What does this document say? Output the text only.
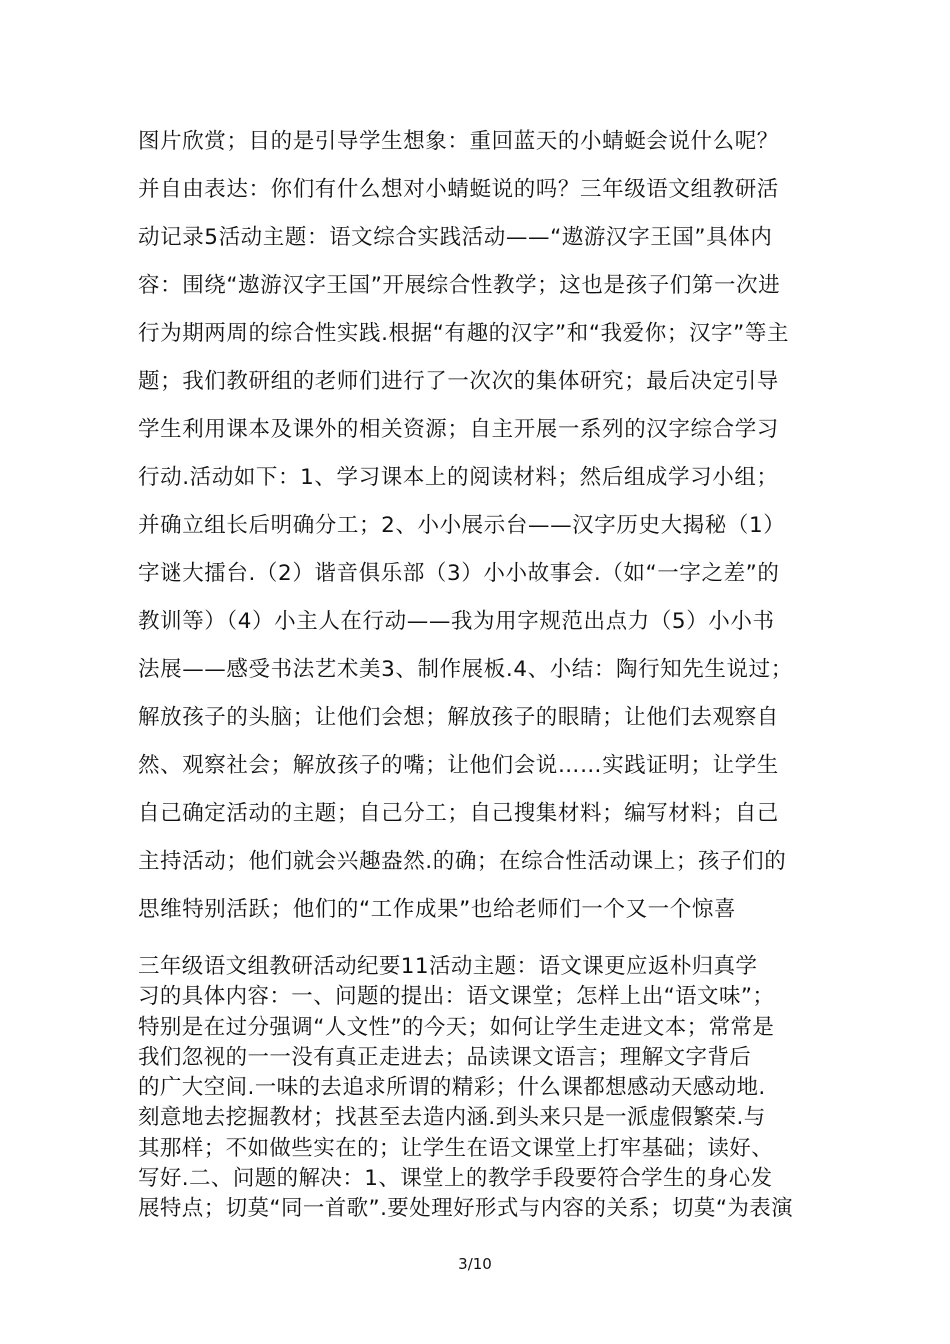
图片欣赏；目的是引导学生想象：重回蓝天的小蜻蜓会说什么呢？
并自由表达：你们有什么想对小蜻蜓说的吗？三年级语文组教研活
动记录5活动主题：语文综合实践活动——“遨游汉字王国”具体内
容：围绕“遨游汉字王国”开展综合性教学；这也是孩子们第一次进
行为期两周的综合性实践.根据“有趣的汉字”和“我爱你；汉字”等主
题；我们教研组的老师们进行了一次次的集体研究；最后决定引导
学生利用课本及课外的相关资源；自主开展一系列的汉字综合学习
行动.活动如下：1、学习课本上的阅读材料；然后组成学习小组；
并确立组长后明确分工；2、小小展示台——汉字历史大揭秘（1）
字谜大擂台.（2）谐音俱乐部（3）小小故事会.（如“一字之差”的
教训等）（4）小主人在行动——我为用字规范出点力（5）小小书
法展——感受书法艺术美3、制作展板.4、小结：陶行知先生说过；
解放孩子的头脑；让他们会想；解放孩子的眼睛；让他们去观察自
然、观察社会；解放孩子的嘴；让他们会说……实践证明；让学生
自己确定活动的主题；自己分工；自己搜集材料；编写材料；自己
主持活动；他们就会兴趣盎然.的确；在综合性活动课上；孩子们的
思维特别活跃；他们的“工作成果”也给老师们一个又一个惊喜
三年级语文组教研活动纪要11活动主题：语文课更应返朴归真学
习的具体内容：一、问题的提出：语文课堂；怎样上出“语文味”；
特别是在过分强调“人文性”的今天；如何让学生走进文本；常常是
我们忽视的一一没有真正走进去；品读课文语言；理解文字背后
的广大空间.一味的去追求所谓的精彩；什么课都想感动天感动地.
刻意地去挖掘教材；找甚至去造内涵.到头来只是一派虚假繁荣.与
其那样；不如做些实在的；让学生在语文课堂上打牢基础；读好、
写好.二、问题的解决：1、课堂上的教学手段要符合学生的身心发
展特点；切莫“同一首歌”.要处理好形式与内容的关系；切莫“为表演
3/10
